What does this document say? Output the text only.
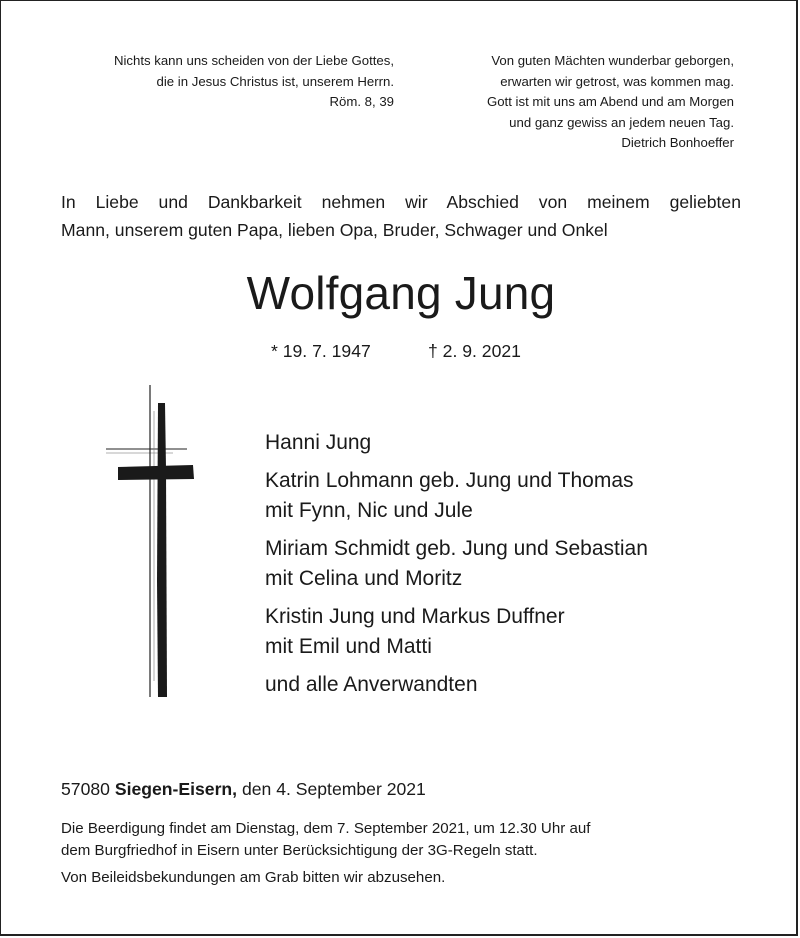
Nichts kann uns scheiden von der Liebe Gottes,
die in Jesus Christus ist, unserem Herrn.
Röm. 8, 39
Von guten Mächten wunderbar geborgen,
erwarten wir getrost, was kommen mag.
Gott ist mit uns am Abend und am Morgen
und ganz gewiss an jedem neuen Tag.
Dietrich Bonhoeffer
In Liebe und Dankbarkeit nehmen wir Abschied von meinem geliebten
Mann, unserem guten Papa, lieben Opa, Bruder, Schwager und Onkel
Wolfgang Jung
* 19. 7. 1947	† 2. 9. 2021
Hanni Jung
Katrin Lohmann geb. Jung und Thomas
mit Fynn, Nic und Jule
Miriam Schmidt geb. Jung und Sebastian
mit Celina und Moritz
Kristin Jung und Markus Duffner
mit Emil und Matti
und alle Anverwandten
57080 Siegen-Eisern, den 4. September 2021
Die Beerdigung findet am Dienstag, dem 7. September 2021, um 12.30 Uhr auf
dem Burgfriedhof in Eisern unter Berücksichtigung der 3G-Regeln statt.
Von Beileidsbekundungen am Grab bitten wir abzusehen.
